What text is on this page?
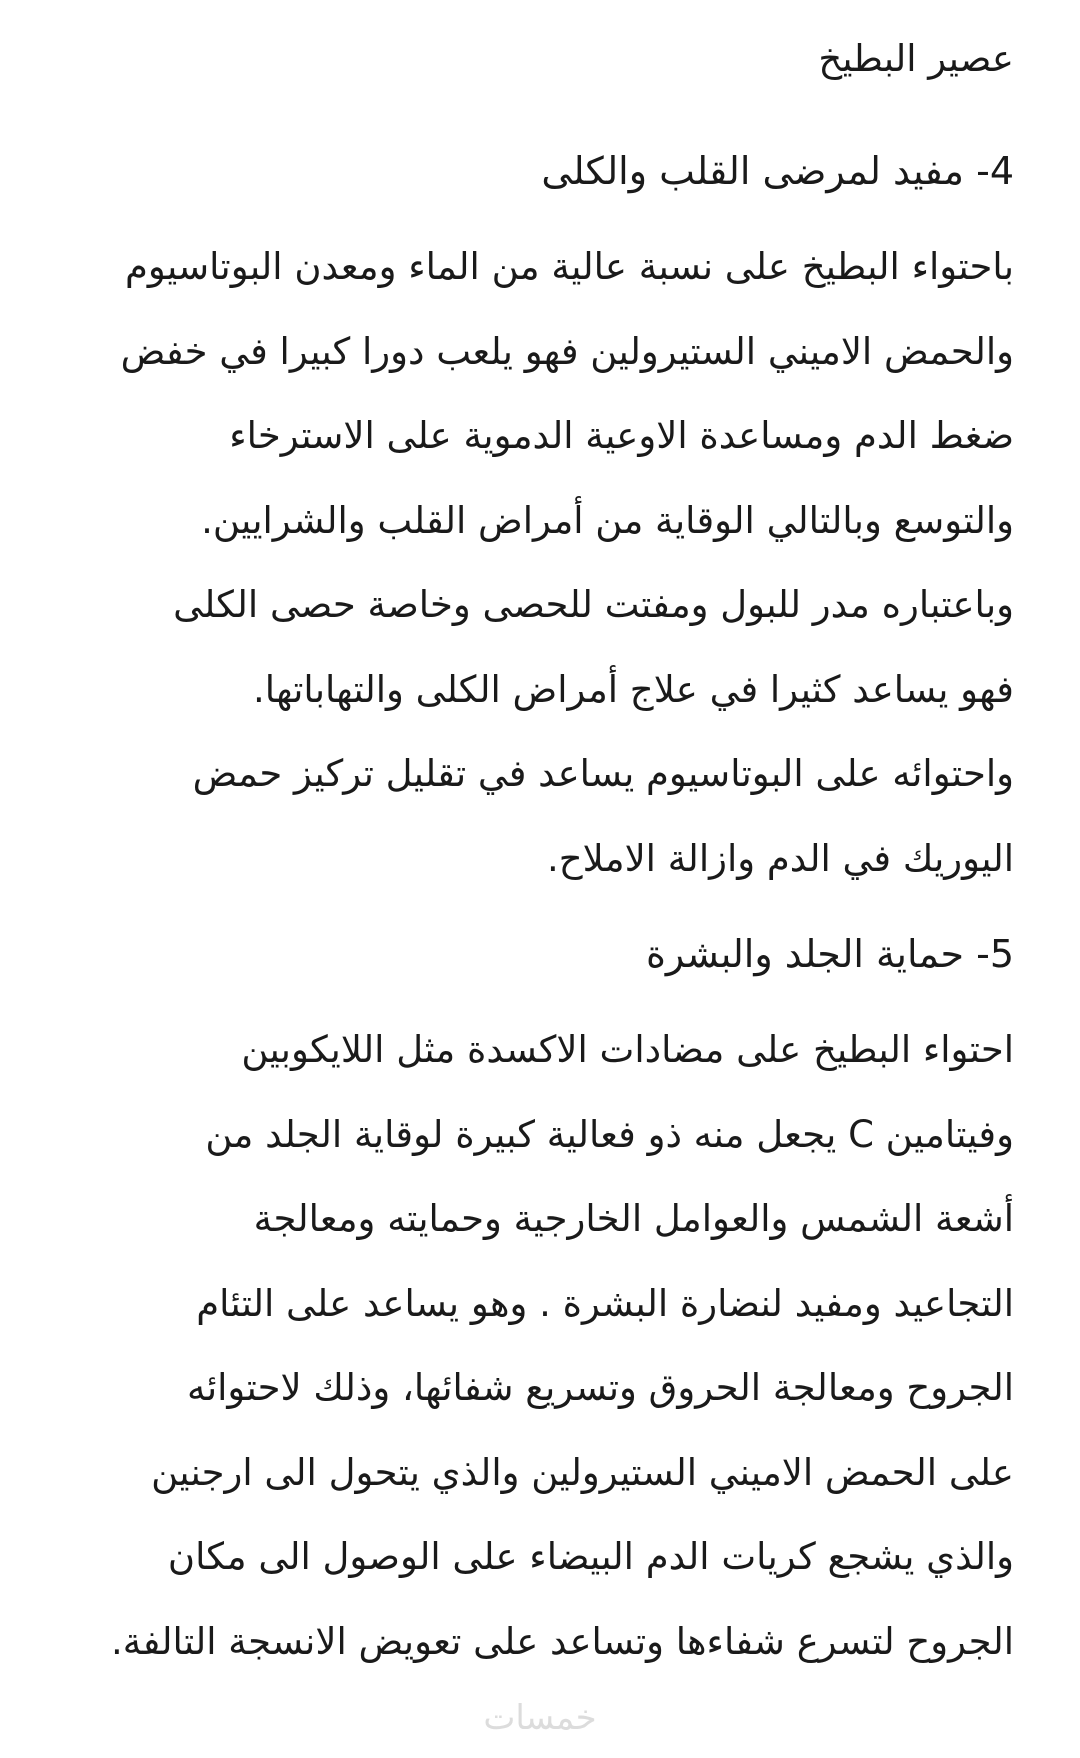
عصير البطيخ
4- مفيد لمرضى القلب والكلى
باحتواء البطيخ على نسبة عالية من الماء ومعدن البوتاسيوم
والحمض الاميني الستيرولين فهو يلعب دورا كبيرا في خفض
ضغط الدم ومساعدة الاوعية الدموية على الاسترخاء
والتوسع وبالتالي الوقاية من أمراض القلب والشرايين.
وباعتباره مدر للبول ومفتت للحصى وخاصة حصى الكلى
فهو يساعد كثيرا في علاج أمراض الكلى والتهاباتها.
واحتوائه على البوتاسيوم يساعد في تقليل تركيز حمض
اليوريك في الدم وازالة الاملاح.
5- حماية الجلد والبشرة
احتواء البطيخ على مضادات الاكسدة مثل اللايكوبين
وفيتامين C يجعل منه ذو فعالية كبيرة لوقاية الجلد من
أشعة الشمس والعوامل الخارجية وحمايته ومعالجة
التجاعيد ومفيد لنضارة البشرة . وهو يساعد على التئام
الجروح ومعالجة الحروق وتسريع شفائها، وذلك لاحتوائه
على الحمض الاميني الستيرولين والذي يتحول الى ارجنين
والذي يشجع كريات الدم البيضاء على الوصول الى مكان
الجروح لتسرع شفاءها وتساعد على تعويض الانسجة التالفة.
خمسات
